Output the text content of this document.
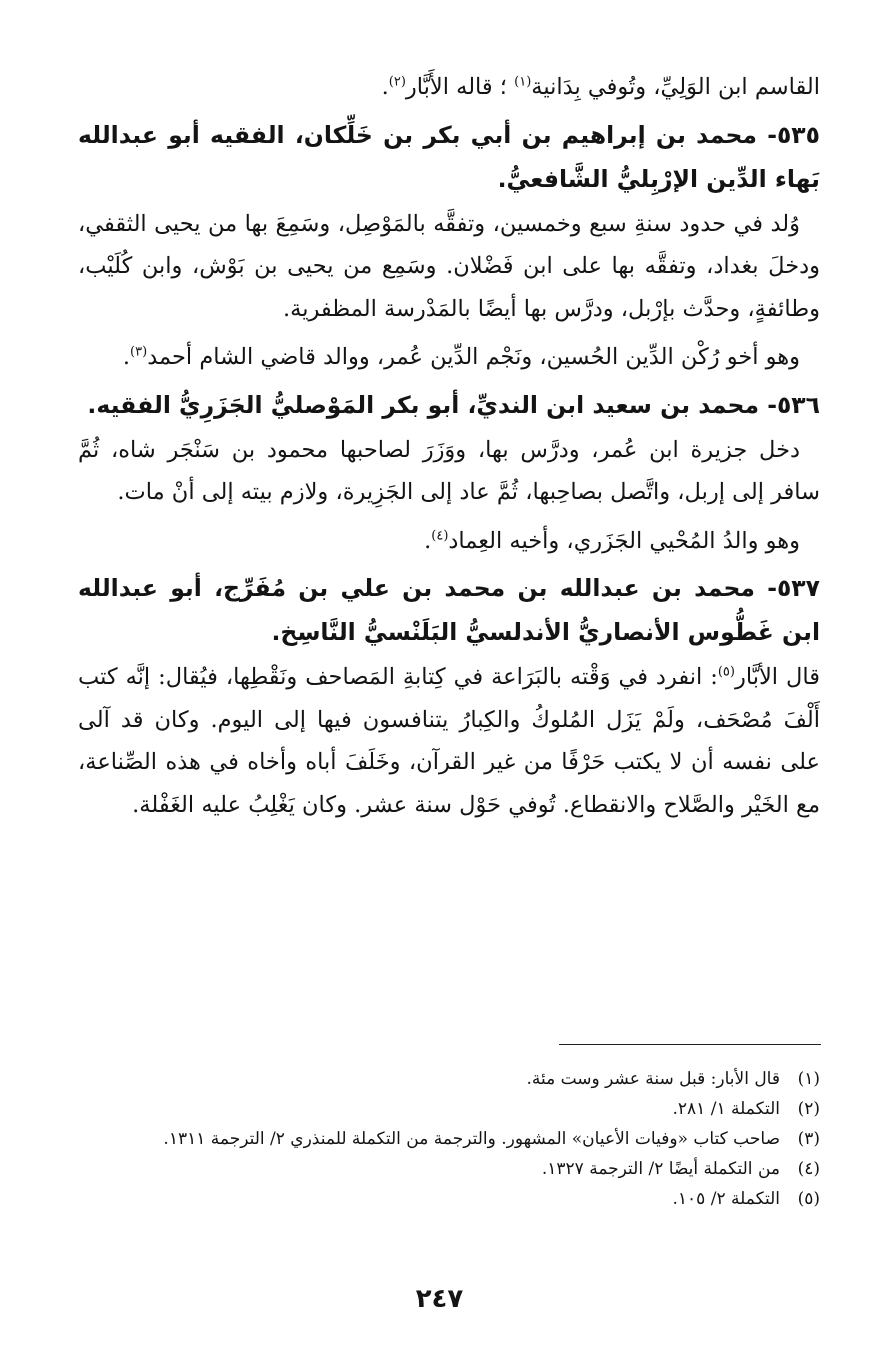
القاسم ابن الوَلِيِّ، وتُوفي بِدَانية$^{(١)}$ ؛ قاله الأَبَّار$^{(٢)}$.

٥٣٥- محمد بن إبراهيم بن أبي بكر بن خَلِّكان، الفقيه أبو عبدالله بَهاء الدِّين الإرْبِليُّ الشَّافعيُّ.

وُلد في حدود سنةِ سبع وخمسين، وتفقَّه بالمَوْصِل، وسَمِعَ بها من يحيى الثقفي، ودخلَ بغداد، وتفقَّه بها على ابن فَضْلان. وسَمِع من يحيى بن بَوْش، وابن كُلَيْب، وطائفةٍ، وحدَّث بإرْبل، ودرَّس بها أيضًا بالمَدْرسة المظفرية.

وهو أخو رُكْن الدِّين الحُسين، ونَجْم الدِّين عُمر، ووالد قاضي الشام أحمد$^{(٣)}$.

٥٣٦- محمد بن سعيد ابن النديِّ، أبو بكر المَوْصليُّ الجَزَرِيُّ الفقيه.

دخل جزيرة ابن عُمر، ودرَّس بها، ووَزَرَ لصاحبها محمود بن سَنْجَر شاه، ثُمَّ سافر إلى إربل، واتَّصل بصاحِبها، ثُمَّ عاد إلى الجَزِيرة، ولازم بيته إلى أنْ مات.

وهو والدُ المُحْيي الجَزَري، وأخيه العِماد$^{(٤)}$.

٥٣٧- محمد بن عبدالله بن محمد بن علي بن مُفَرِّج، أبو عبدالله ابن غَطُّوس الأنصاريُّ الأندلسيُّ البَلَنْسيُّ النَّاسِخ.

قال الأبَّار$^{(٥)}$: انفرد في وَقْته بالبَرَاعة في كِتابةِ المَصاحف ونَقْطِها، فيُقال: إنَّه كتب أَلْفَ مُصْحَف، ولَمْ يَزَل المُلوكُ والكِبارُ يتنافسون فيها إلى اليوم. وكان قد آلى على نفسه أن لا يكتب حَرْفًا من غير القرآن، وخَلَفَ أباه وأخاه في هذه الصِّناعة، مع الخَيْر والصَّلاح والانقطاع. تُوفي حَوْل سنة عشر. وكان يَغْلِبُ عليه الغَفْلة.

(١)
قال الأبار: قبل سنة عشر وست مئة.
(٢)
التكملة ١/ ٢٨١.
(٣)
صاحب كتاب «وفيات الأعيان» المشهور. والترجمة من التكملة للمنذري ٢/ الترجمة ١٣١١.
(٤)
من التكملة أيضًا ٢/ الترجمة ١٣٢٧.
(٥)
التكملة ٢/ ١٠٥.
٢٤٧
